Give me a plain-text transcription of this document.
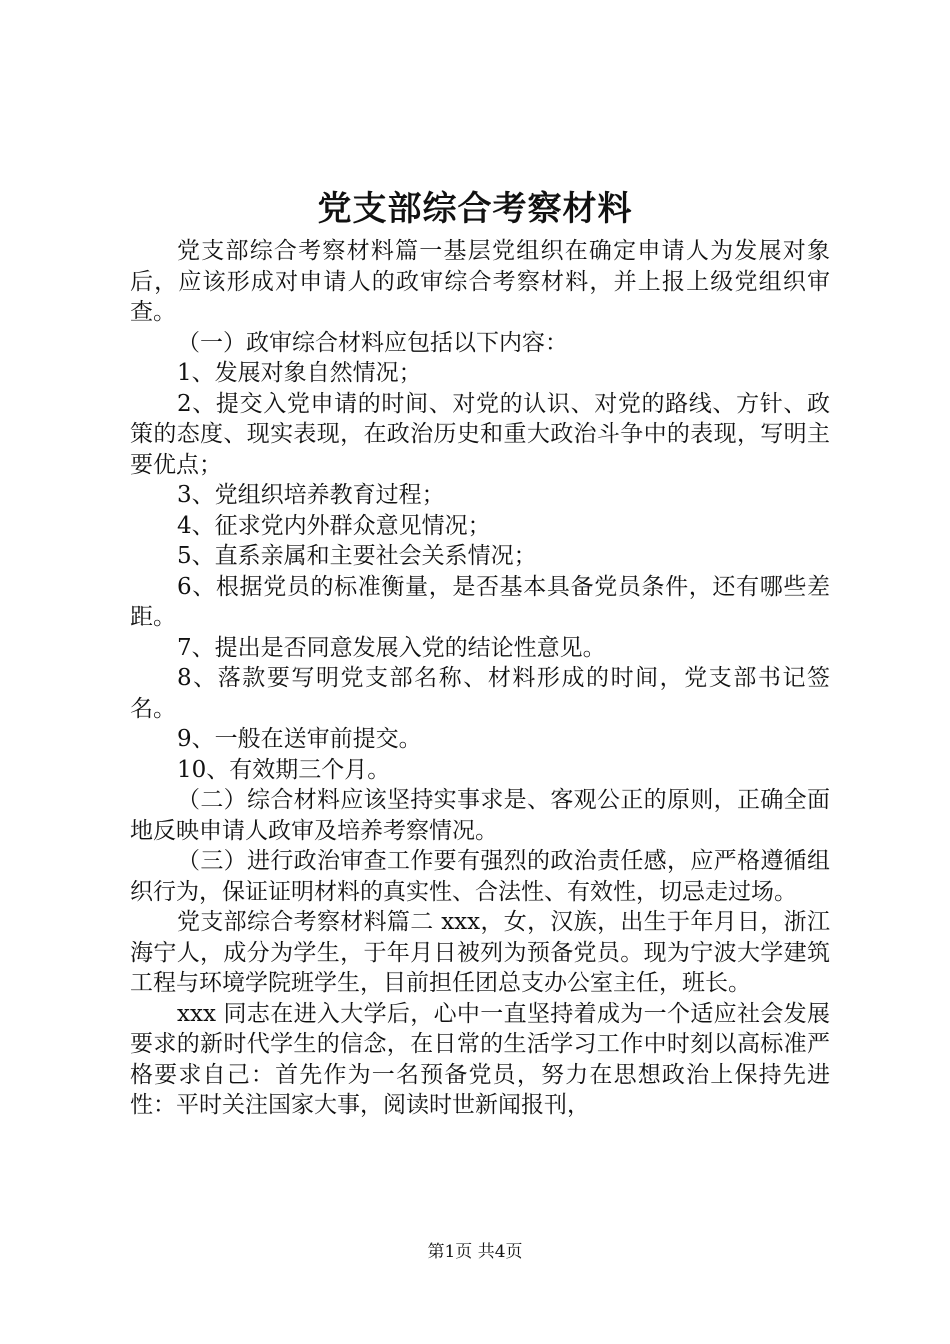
党支部综合考察材料

党支部综合考察材料篇一基层党组织在确定申请人为发展对象后，应该形成对申请人的政审综合考察材料，并上报上级党组织审查。

（一）政审综合材料应包括以下内容：

1、发展对象自然情况；

2、提交入党申请的时间、对党的认识、对党的路线、方针、政策的态度、现实表现，在政治历史和重大政治斗争中的表现，写明主要优点；

3、党组织培养教育过程；

4、征求党内外群众意见情况；

5、直系亲属和主要社会关系情况；

6、根据党员的标准衡量，是否基本具备党员条件，还有哪些差距。

7、提出是否同意发展入党的结论性意见。

8、落款要写明党支部名称、材料形成的时间，党支部书记签名。

9、一般在送审前提交。

10、有效期三个月。

（二）综合材料应该坚持实事求是、客观公正的原则，正确全面地反映申请人政审及培养考察情况。

（三）进行政治审查工作要有强烈的政治责任感，应严格遵循组织行为，保证证明材料的真实性、合法性、有效性，切忌走过场。

党支部综合考察材料篇二 xxx，女，汉族，出生于年月日，浙江海宁人，成分为学生，于年月日被列为预备党员。现为宁波大学建筑工程与环境学院班学生，目前担任团总支办公室主任，班长。

xxx 同志在进入大学后，心中一直坚持着成为一个适应社会发展要求的新时代学生的信念，在日常的生活学习工作中时刻以高标准严格要求自己：首先作为一名预备党员，努力在思想政治上保持先进性：平时关注国家大事，阅读时世新闻报刊，

第1页 共4页
